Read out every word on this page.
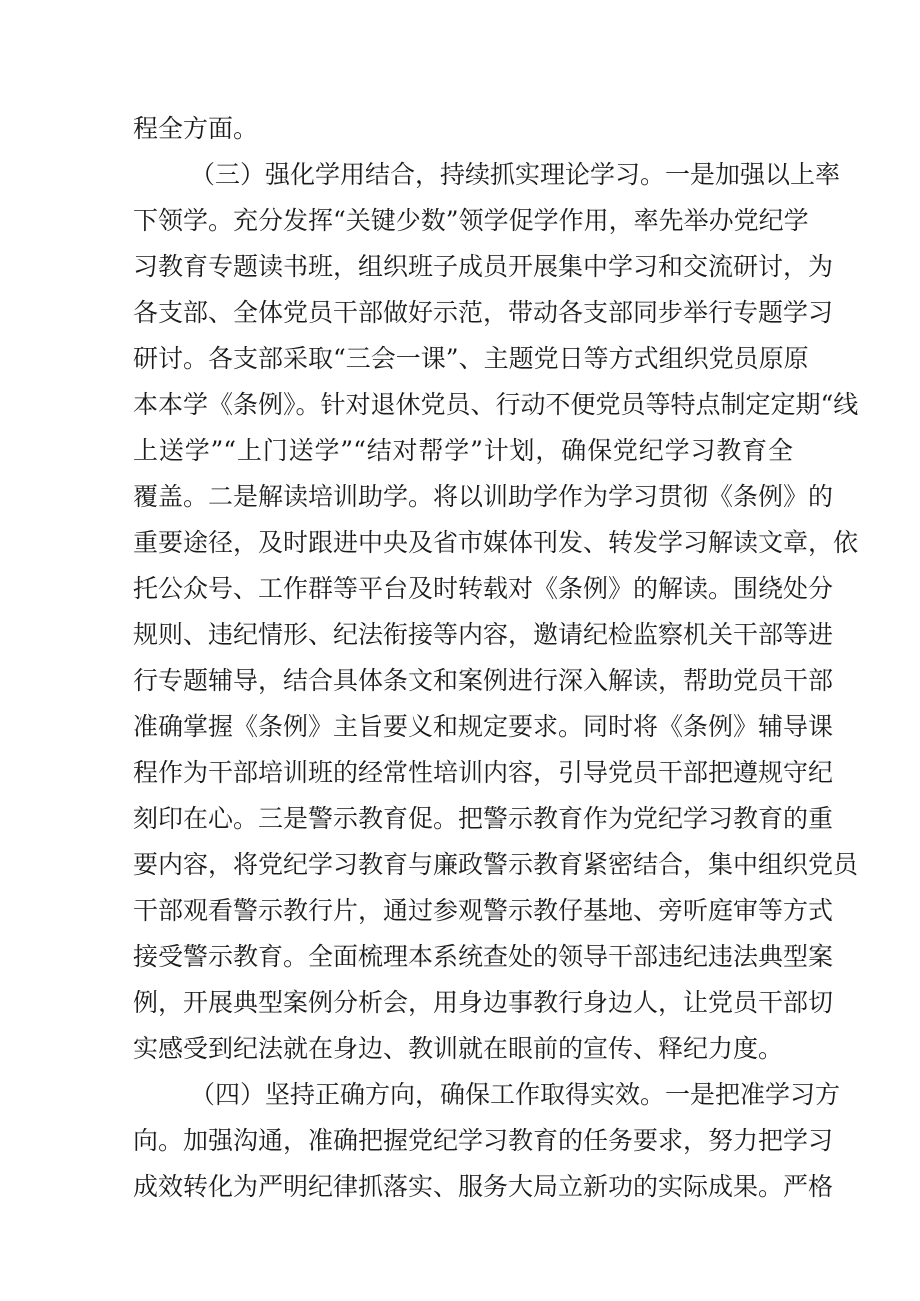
程全方面。
（三）强化学用结合，持续抓实理论学习。一是加强以上率
下领学。充分发挥“关键少数”领学促学作用，率先举办党纪学
习教育专题读书班，组织班子成员开展集中学习和交流研讨，为
各支部、全体党员干部做好示范，带动各支部同步举行专题学习
研讨。各支部采取“三会一课”、主题党日等方式组织党员原原
本本学《条例》。针对退休党员、行动不便党员等特点制定定期“线
上送学”“上门送学”“结对帮学”计划，确保党纪学习教育全
覆盖。二是解读培训助学。将以训助学作为学习贯彻《条例》的
重要途径，及时跟进中央及省市媒体刊发、转发学习解读文章，依
托公众号、工作群等平台及时转载对《条例》的解读。围绕处分
规则、违纪情形、纪法衔接等内容，邀请纪检监察机关干部等进
行专题辅导，结合具体条文和案例进行深入解读，帮助党员干部
准确掌握《条例》主旨要义和规定要求。同时将《条例》辅导课
程作为干部培训班的经常性培训内容，引导党员干部把遵规守纪
刻印在心。三是警示教育促。把警示教育作为党纪学习教育的重
要内容，将党纪学习教育与廉政警示教育紧密结合，集中组织党员
干部观看警示教行片，通过参观警示教仔基地、旁听庭审等方式
接受警示教育。全面梳理本系统查处的领导干部违纪违法典型案
例，开展典型案例分析会，用身边事教行身边人，让党员干部切
实感受到纪法就在身边、教训就在眼前的宣传、释纪力度。
（四）坚持正确方向，确保工作取得实效。一是把准学习方
向。加强沟通，准确把握党纪学习教育的任务要求，努力把学习
成效转化为严明纪律抓落实、服务大局立新功的实际成果。严格
